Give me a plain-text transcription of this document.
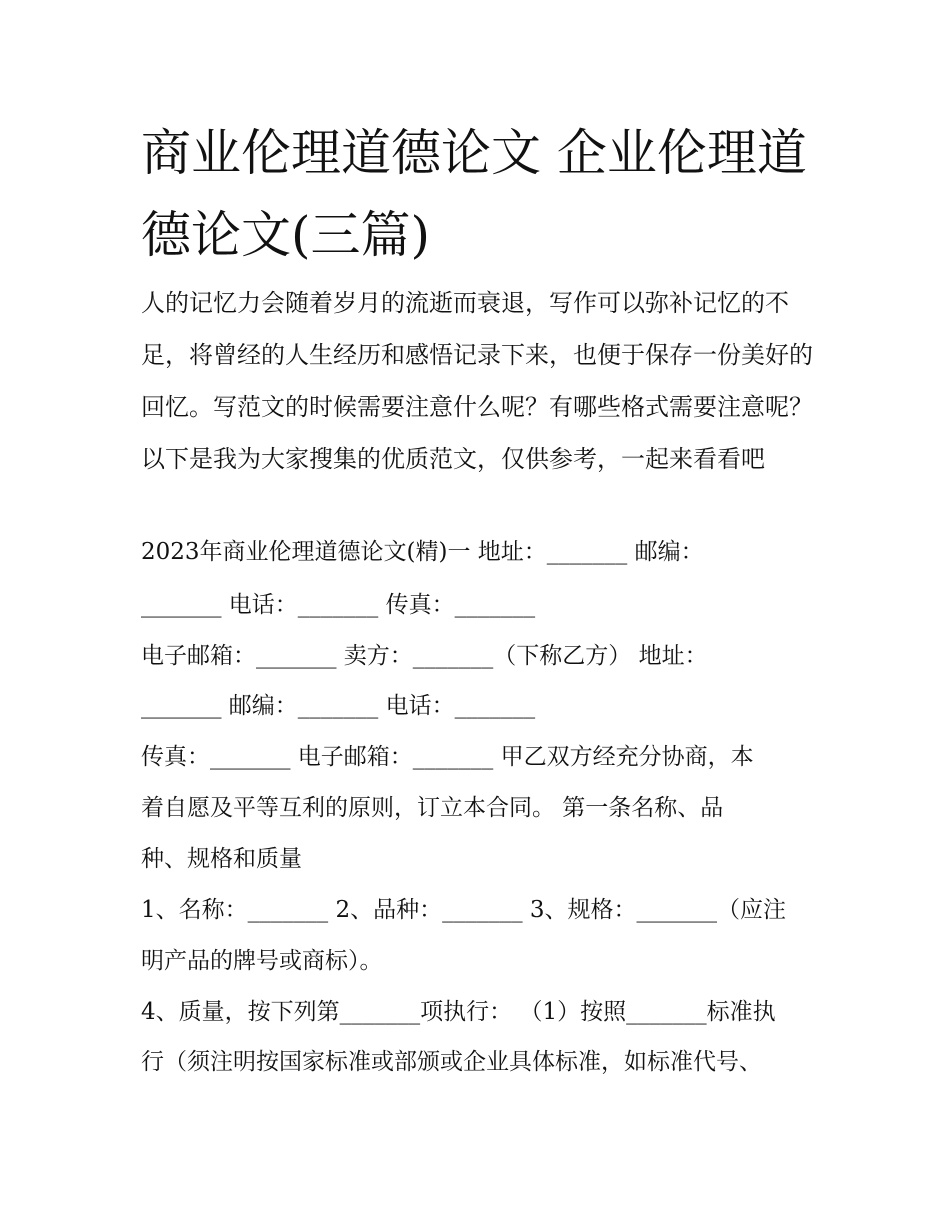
商业伦理道德论文 企业伦理道德论文(三篇)

人的记忆力会随着岁月的流逝而衰退，写作可以弥补记忆的不足，将曾经的人生经历和感悟记录下来，也便于保存一份美好的回忆。写范文的时候需要注意什么呢？有哪些格式需要注意呢？以下是我为大家搜集的优质范文，仅供参考，一起来看看吧

2023年商业伦理道德论文(精)一 地址：_______ 邮编：

_______ 电话：_______ 传真：_______

电子邮箱：_______ 卖方：_______（下称乙方） 地址：

_______ 邮编：_______ 电话：_______

传真：_______ 电子邮箱：_______ 甲乙双方经充分协商，本

着自愿及平等互利的原则，订立本合同。 第一条名称、品

种、规格和质量

1、名称：_______ 2、品种：_______ 3、规格：_______（应注

明产品的牌号或商标）。

4、质量，按下列第_______项执行： （1）按照_______标准执

行（须注明按国家标准或部颁或企业具体标准，如标准代号、
